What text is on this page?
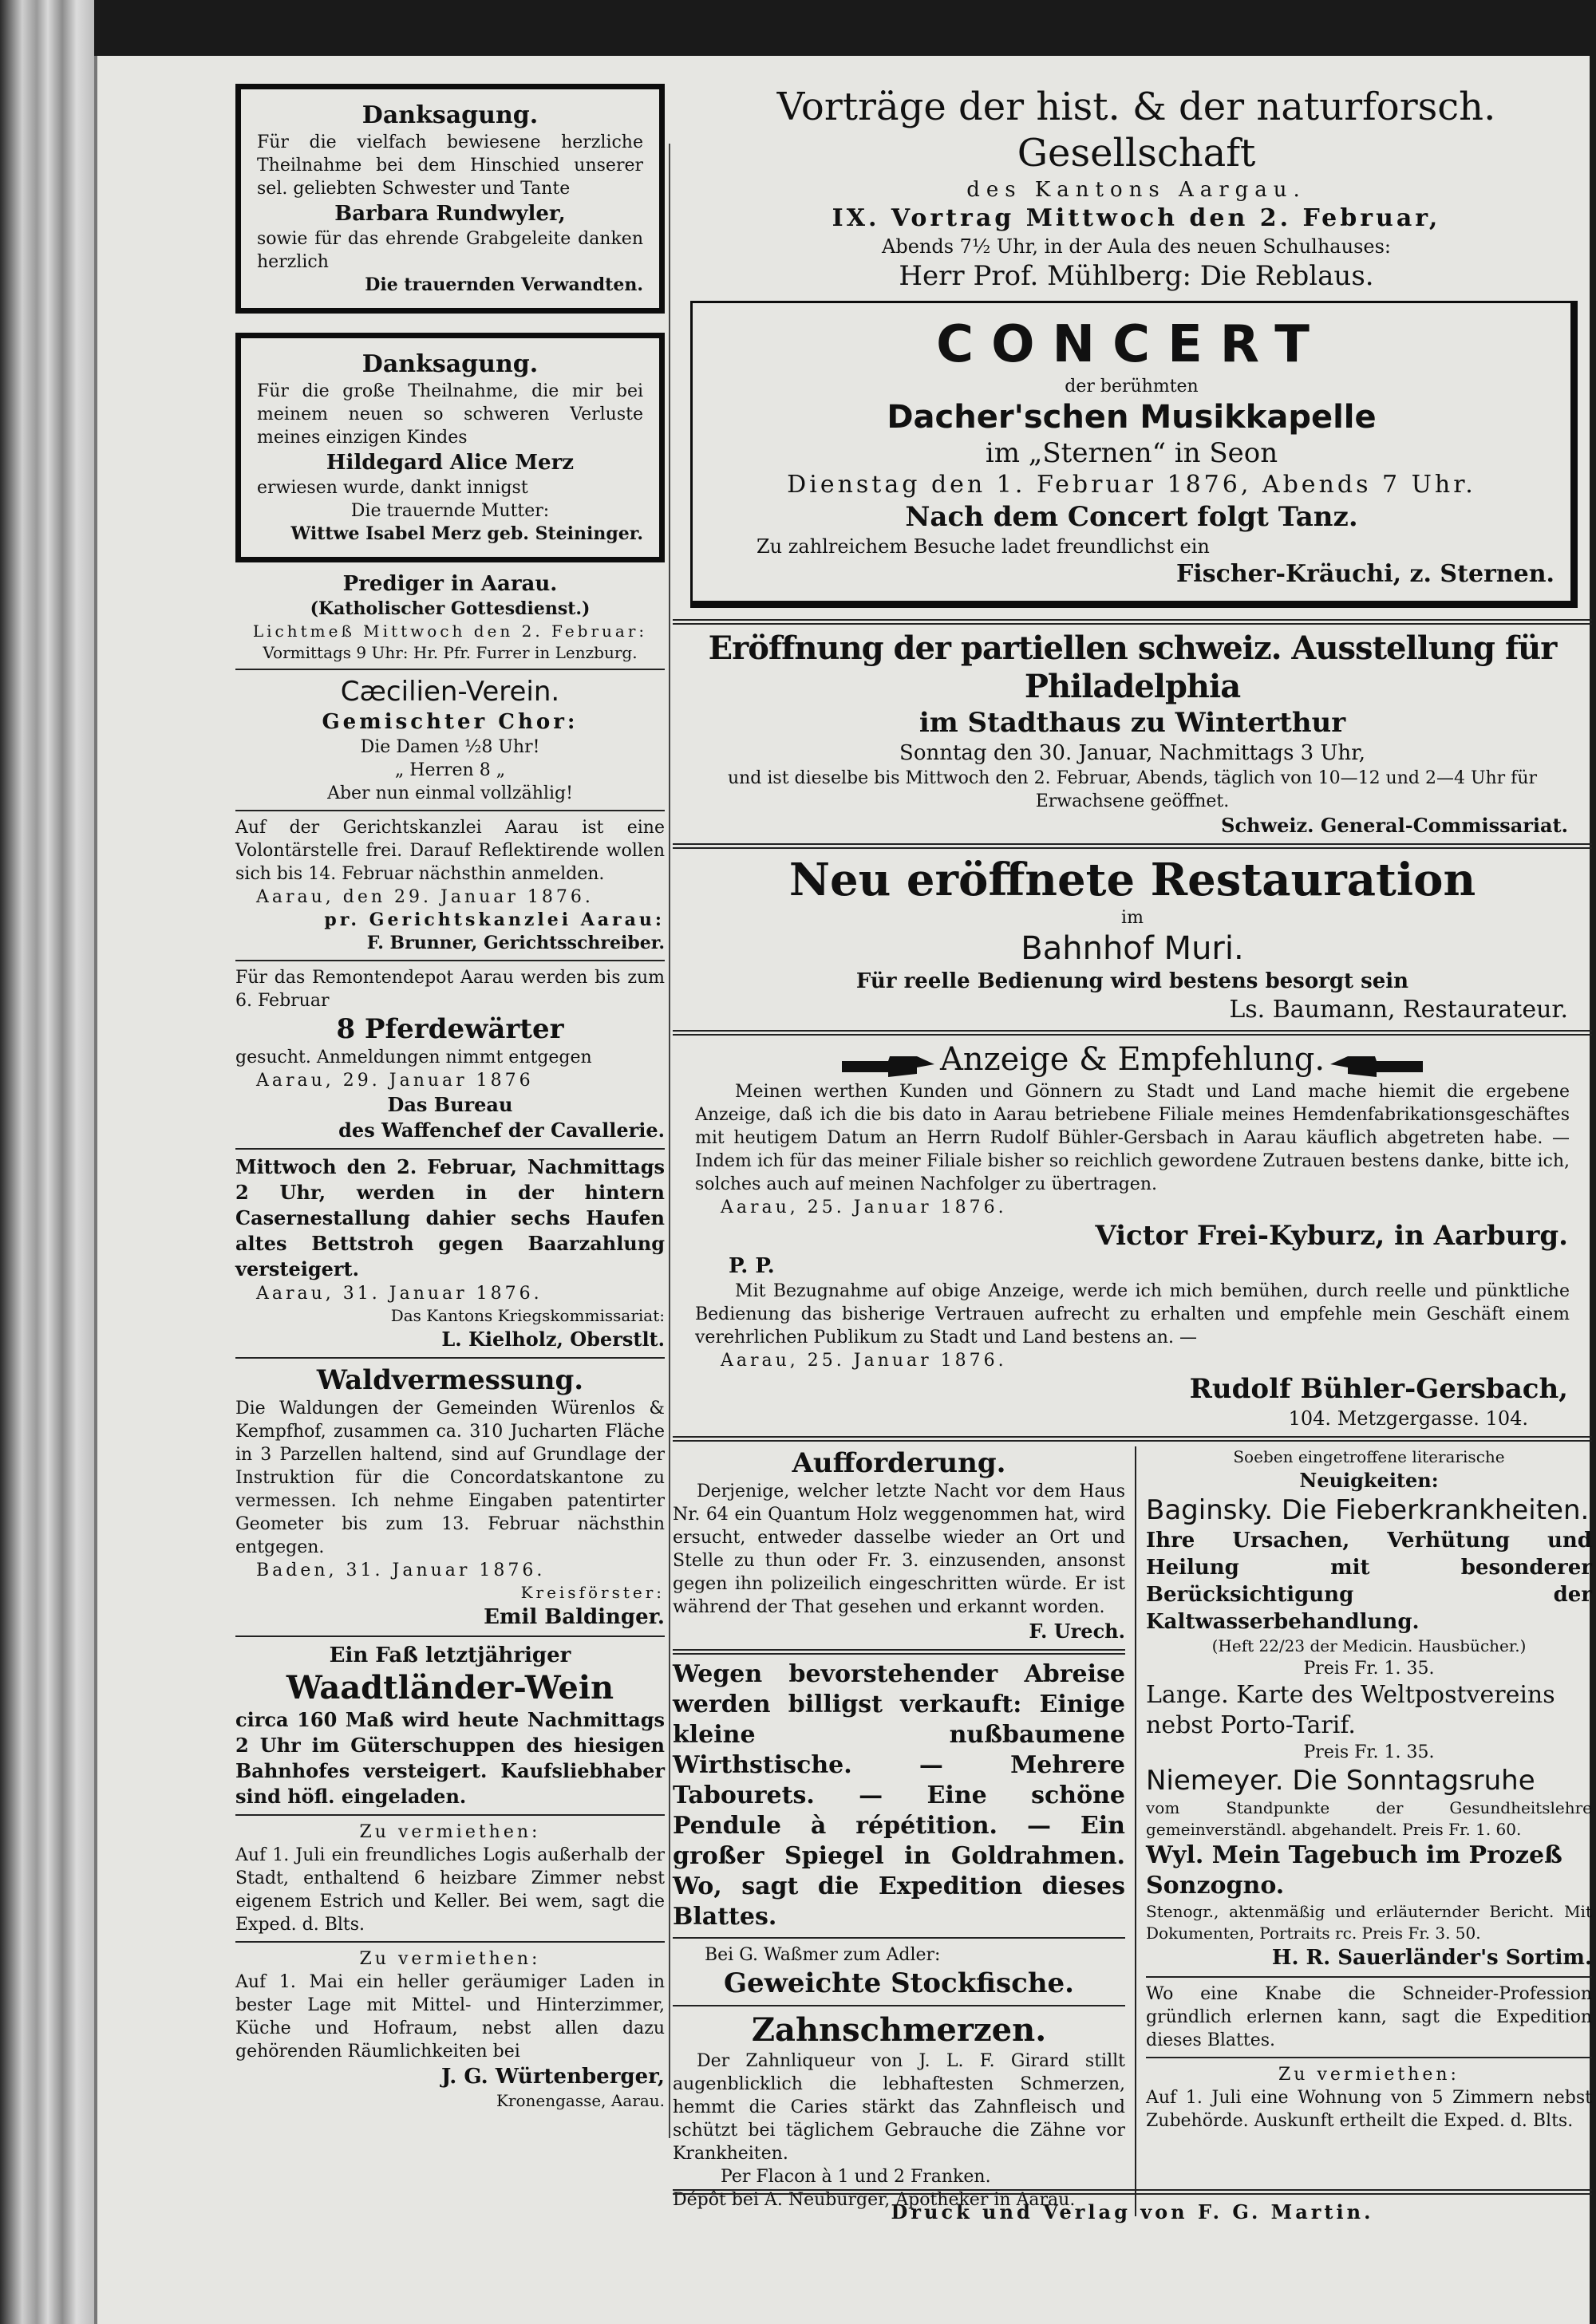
Danksagung.

Für die vielfach bewiesene herzliche Theilnahme bei dem Hinschied unserer sel. geliebten Schwester und Tante

Barbara Rundwyler,

sowie für das ehrende Grabgeleite danken herzlich

Die trauernden Verwandten.

Danksagung.

Für die große Theilnahme, die mir bei meinem neuen so schweren Verluste meines einzigen Kindes

Hildegard Alice Merz

erwiesen wurde, dankt innigst

Die trauernde Mutter:

Wittwe Isabel Merz geb. Steininger.

Prediger in Aarau.

(Katholischer Gottesdienst.)

Lichtmeß Mittwoch den 2. Februar:

Vormittags 9 Uhr: Hr. Pfr. Furrer in Lenzburg.

Cæcilien-Verein.

Gemischter Chor:

Die Damen ½8 Uhr!

„ Herren 8 „

Aber nun einmal vollzählig!

Auf der Gerichtskanzlei Aarau ist eine Volontärstelle frei. Darauf Reflektirende wollen sich bis 14. Februar nächsthin anmelden.

Aarau, den 29. Januar 1876.

pr. Gerichtskanzlei Aarau:

F. Brunner, Gerichtsschreiber.

Für das Remontendepot Aarau werden bis zum 6. Februar

8 Pferdewärter

gesucht. Anmeldungen nimmt entgegen

Aarau, 29. Januar 1876

Das Bureau

des Waffenchef der Cavallerie.

Mittwoch den 2. Februar, Nachmittags 2 Uhr, werden in der hintern Casernestallung dahier sechs Haufen altes Bettstroh gegen Baarzahlung versteigert.

Aarau, 31. Januar 1876.

Das Kantons Kriegskommissariat:

L. Kielholz, Oberstlt.

Waldvermessung.

Die Waldungen der Gemeinden Würenlos & Kempfhof, zusammen ca. 310 Jucharten Fläche in 3 Parzellen haltend, sind auf Grundlage der Instruktion für die Concordatskantone zu vermessen. Ich nehme Eingaben patentirter Geometer bis zum 13. Februar nächsthin entgegen.

Baden, 31. Januar 1876.

Kreisförster:

Emil Baldinger.

Ein Faß letztjähriger

Waadtländer-Wein

circa 160 Maß wird heute Nachmittags 2 Uhr im Güterschuppen des hiesigen Bahnhofes versteigert. Kaufsliebhaber sind höfl. eingeladen.

Zu vermiethen:

Auf 1. Juli ein freundliches Logis außerhalb der Stadt, enthaltend 6 heizbare Zimmer nebst eigenem Estrich und Keller. Bei wem, sagt die Exped. d. Blts.

Zu vermiethen:

Auf 1. Mai ein heller geräumiger Laden in bester Lage mit Mittel- und Hinterzimmer, Küche und Hofraum, nebst allen dazu gehörenden Räumlichkeiten bei

J. G. Würtenberger,

Kronengasse, Aarau.

Vorträge der hist. & der naturforsch. Gesellschaft

des Kantons Aargau.

IX. Vortrag Mittwoch den 2. Februar,

Abends 7½ Uhr, in der Aula des neuen Schulhauses:

Herr Prof. Mühlberg: Die Reblaus.

CONCERT

der berühmten

Dacher'schen Musikkapelle

im „Sternen“ in Seon

Dienstag den 1. Februar 1876, Abends 7 Uhr.

Nach dem Concert folgt Tanz.

Zu zahlreichem Besuche ladet freundlichst ein

Fischer-Kräuchi, z. Sternen.

Eröffnung der partiellen schweiz. Ausstellung für Philadelphia

im Stadthaus zu Winterthur

Sonntag den 30. Januar, Nachmittags 3 Uhr,

und ist dieselbe bis Mittwoch den 2. Februar, Abends, täglich von 10—12 und 2—4 Uhr für Erwachsene geöffnet.

Schweiz. General-Commissariat.

Neu eröffnete Restauration

im

Bahnhof Muri.

Für reelle Bedienung wird bestens besorgt sein

Ls. Baumann, Restaurateur.

Anzeige & Empfehlung.

Meinen werthen Kunden und Gönnern zu Stadt und Land mache hiemit die ergebene Anzeige, daß ich die bis dato in Aarau betriebene Filiale meines Hemdenfabrikationsgeschäftes mit heutigem Datum an Herrn Rudolf Bühler-Gersbach in Aarau käuflich abgetreten habe. — Indem ich für das meiner Filiale bisher so reichlich gewordene Zutrauen bestens danke, bitte ich, solches auch auf meinen Nachfolger zu übertragen.

Aarau, 25. Januar 1876.

Victor Frei-Kyburz, in Aarburg.

P. P.

Mit Bezugnahme auf obige Anzeige, werde ich mich bemühen, durch reelle und pünktliche Bedienung das bisherige Vertrauen aufrecht zu erhalten und empfehle mein Geschäft einem verehrlichen Publikum zu Stadt und Land bestens an. —

Aarau, 25. Januar 1876.

Rudolf Bühler-Gersbach,

104. Metzgergasse. 104.

Aufforderung.

Derjenige, welcher letzte Nacht vor dem Haus Nr. 64 ein Quantum Holz weggenommen hat, wird ersucht, entweder dasselbe wieder an Ort und Stelle zu thun oder Fr. 3. einzusenden, ansonst gegen ihn polizeilich eingeschritten würde. Er ist während der That gesehen und erkannt worden.

F. Urech.

Wegen bevorstehender Abreise werden billigst verkauft: Einige kleine nußbaumene Wirthstische. — Mehrere Tabourets. — Eine schöne Pendule à répétition. — Ein großer Spiegel in Goldrahmen. Wo, sagt die Expedition dieses Blattes.

Bei G. Waßmer zum Adler:

Geweichte Stockfische.

Zahnschmerzen.

Der Zahnliqueur von J. L. F. Girard stillt augenblicklich die lebhaftesten Schmerzen, hemmt die Caries stärkt das Zahnfleisch und schützt bei täglichem Gebrauche die Zähne vor Krankheiten.

Per Flacon à 1 und 2 Franken.

Dépôt bei A. Neuburger, Apotheker in Aarau.

Soeben eingetroffene literarische

Neuigkeiten:

Baginsky. Die Fieberkrankheiten.

Ihre Ursachen, Verhütung und Heilung mit besonderer Berücksichtigung der Kaltwasserbehandlung.

(Heft 22/23 der Medicin. Hausbücher.)

Preis Fr. 1. 35.

Lange. Karte des Weltpostvereins nebst Porto-Tarif.

Preis Fr. 1. 35.

Niemeyer. Die Sonntagsruhe

vom Standpunkte der Gesundheitslehre gemeinverständl. abgehandelt. Preis Fr. 1. 60.

Wyl. Mein Tagebuch im Prozeß Sonzogno.

Stenogr., aktenmäßig und erläuternder Bericht. Mit Dokumenten, Portraits rc. Preis Fr. 3. 50.

H. R. Sauerländer's Sortim.

Wo eine Knabe die Schneider-Profession gründlich erlernen kann, sagt die Expedition dieses Blattes.

Zu vermiethen:

Auf 1. Juli eine Wohnung von 5 Zimmern nebst Zubehörde. Auskunft ertheilt die Exped. d. Blts.

Druck und Verlag von F. G. Martin.
